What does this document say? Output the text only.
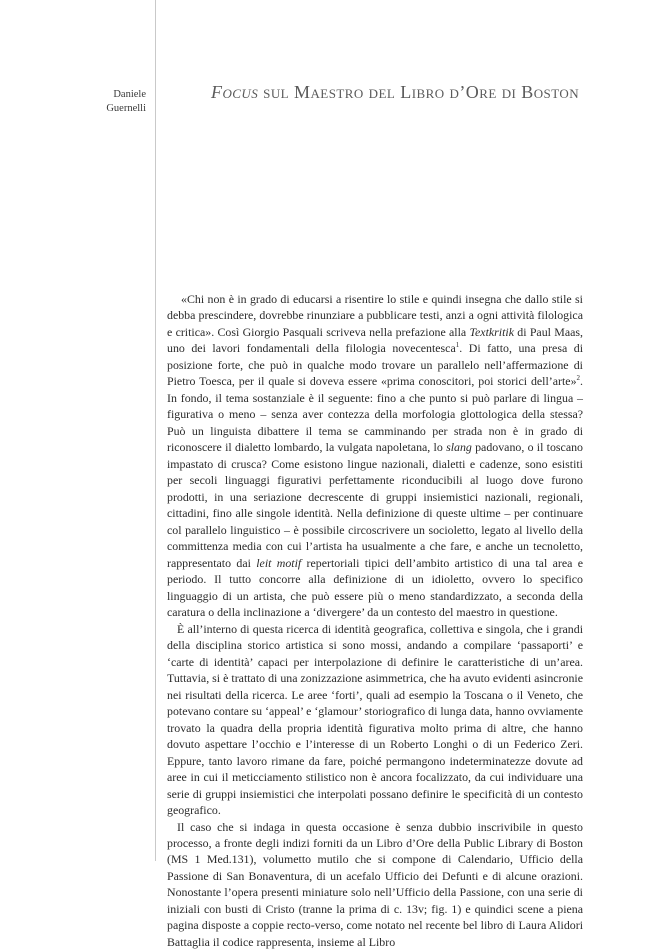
Daniele
Guernelli
Focus sul Maestro del Libro d’Ore di Boston

«Chi non è in grado di educarsi a risentire lo stile e quindi insegna che dallo stile si debba prescindere, dovrebbe rinunziare a pubblicare testi, anzi a ogni attività filologica e critica». Così Giorgio Pasquali scriveva nella prefazione alla Textkritik di Paul Maas, uno dei lavori fondamentali della filologia novecentesca$^1$. Di fatto, una presa di posizione forte, che può in qualche modo trovare un parallelo nell’affermazione di Pietro Toesca, per il quale si doveva essere «prima conoscitori, poi storici dell’arte»$^2$. In fondo, il tema sostanziale è il seguente: fino a che punto si può parlare di lingua – figurativa o meno – senza aver contezza della morfologia glottologica della stessa? Può un linguista dibattere il tema se camminando per strada non è in grado di riconoscere il dialetto lombardo, la vulgata napoletana, lo slang padovano, o il toscano impastato di crusca? Come esistono lingue nazionali, dialetti e cadenze, sono esistiti per secoli linguaggi figurativi perfettamente riconducibili al luogo dove furono prodotti, in una seriazione decrescente di gruppi insiemistici nazionali, regionali, cittadini, fino alle singole identità. Nella definizione di queste ultime – per continuare col parallelo linguistico – è possibile circoscrivere un socioletto, legato al livello della committenza media con cui l’artista ha usualmente a che fare, e anche un tecnoletto, rappresentato dai leit motif repertoriali tipici dell’ambito artistico di una tal area e periodo. Il tutto concorre alla definizione di un idioletto, ovvero lo specifico linguaggio di un artista, che può essere più o meno standardizzato, a seconda della caratura o della inclinazione a ‘divergere’ da un contesto del maestro in questione.

È all’interno di questa ricerca di identità geografica, collettiva e singola, che i grandi della disciplina storico artistica si sono mossi, andando a compilare ‘passaporti’ e ‘carte di identità’ capaci per interpolazione di definire le caratteristiche di un’area. Tuttavia, si è trattato di una zonizzazione asimmetrica, che ha avuto evidenti asincronie nei risultati della ricerca. Le aree ‘forti’, quali ad esempio la Toscana o il Veneto, che potevano contare su ‘appeal’ e ‘glamour’ storiografico di lunga data, hanno ovviamente trovato la quadra della propria identità figurativa molto prima di altre, che hanno dovuto aspettare l’occhio e l’interesse di un Roberto Longhi o di un Federico Zeri. Eppure, tanto lavoro rimane da fare, poiché permangono indeterminatezze dovute ad aree in cui il meticciamento stilistico non è ancora focalizzato, da cui individuare una serie di gruppi insiemistici che interpolati possano definire le specificità di un contesto geografico.

Il caso che si indaga in questa occasione è senza dubbio inscrivibile in questo processo, a fronte degli indizi forniti da un Libro d’Ore della Public Library di Boston (MS 1 Med.131), volumetto mutilo che si compone di Calendario, Ufficio della Passione di San Bonaventura, di un acefalo Ufficio dei Defunti e di alcune orazioni. Nonostante l’opera presenti miniature solo nell’Ufficio della Passione, con una serie di iniziali con busti di Cristo (tranne la prima di c. 13v; fig. 1) e quindici scene a piena pagina disposte a coppie recto-verso, come notato nel recente bel libro di Laura Alidori Battaglia il codice rappresenta, insieme al Libro
